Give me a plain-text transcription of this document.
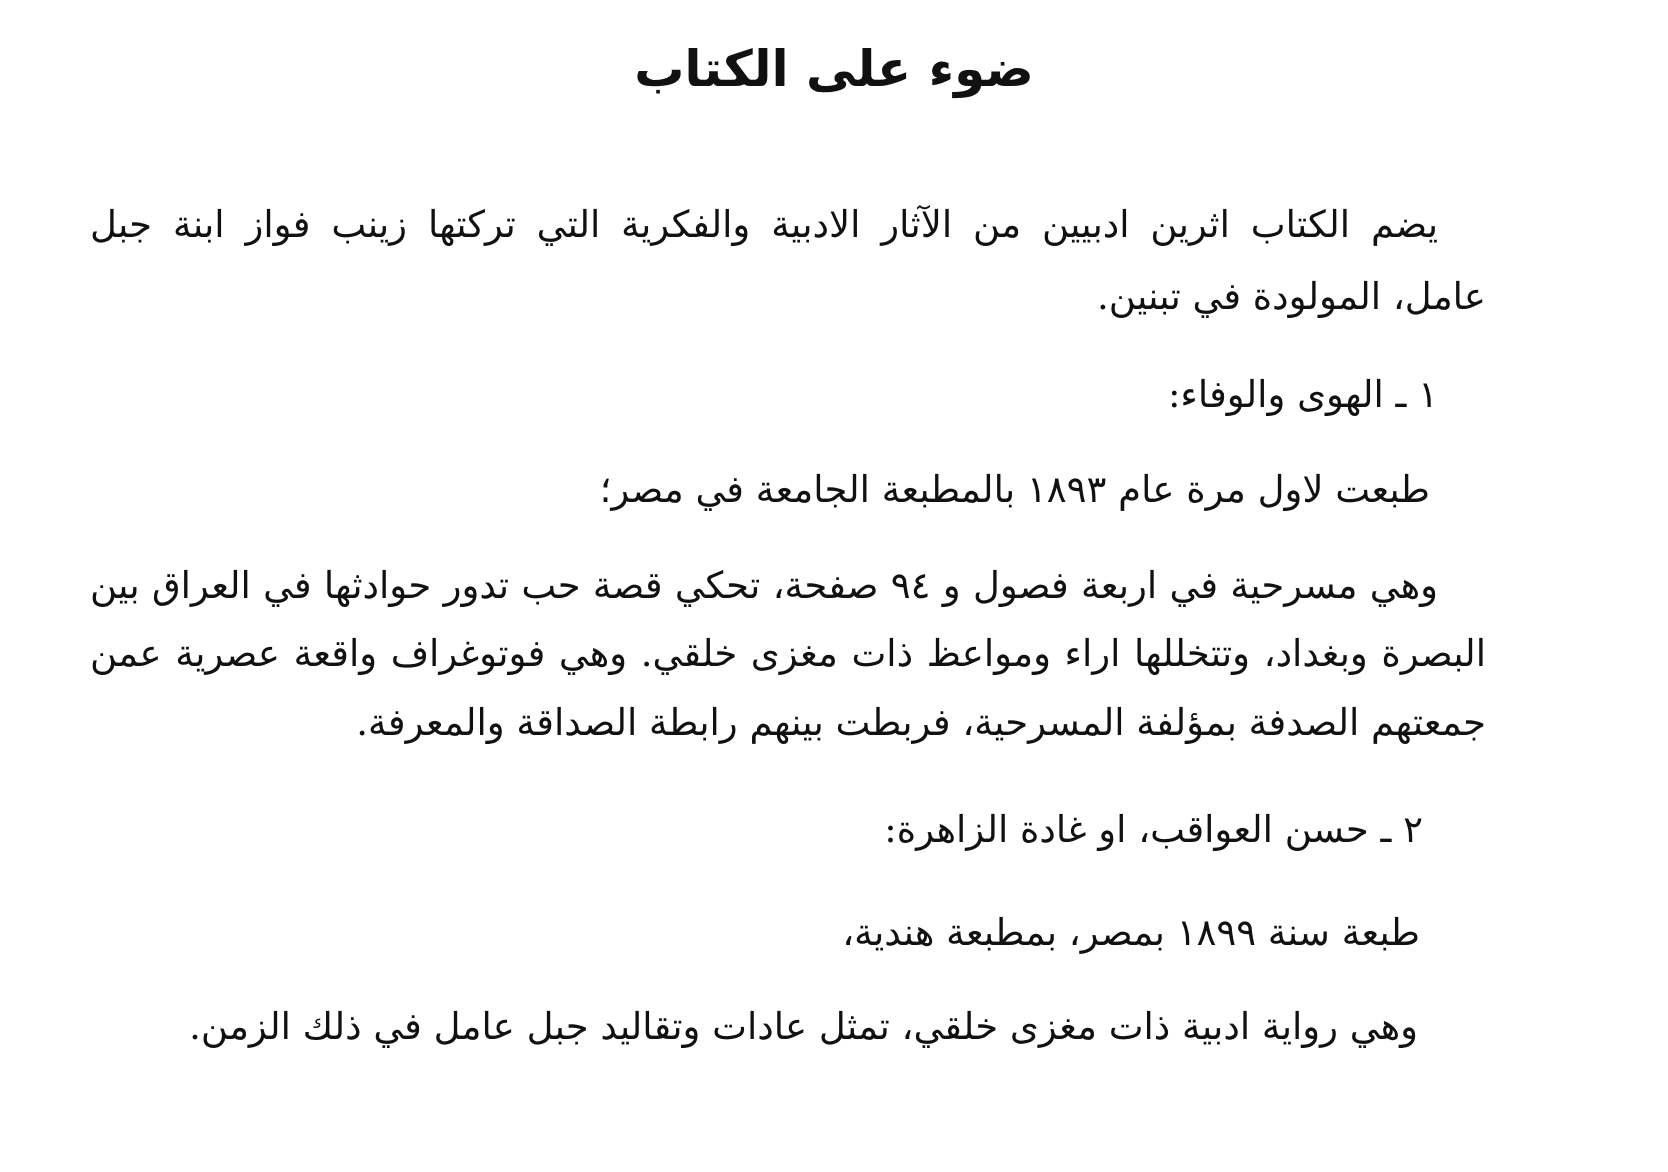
ضوء على الكتاب

يضم الكتاب اثرين ادبيين من الآثار الادبية والفكرية التي تركتها زينب فواز ابنة جبل

عامل، المولودة في تبنين.

١ ـ الهوى والوفاء:

طبعت لاول مرة عام ١٨٩٣ بالمطبعة الجامعة في مصر؛

وهي مسرحية في اربعة فصول و ٩٤ صفحة، تحكي قصة حب تدور حوادثها في العراق بين

البصرة وبغداد، وتتخللها اراء ومواعظ ذات مغزى خلقي. وهي فوتوغراف واقعة عصرية عمن

جمعتهم الصدفة بمؤلفة المسرحية، فربطت بينهم رابطة الصداقة والمعرفة.

٢ ـ حسن العواقب، او غادة الزاهرة:

طبعة سنة ١٨٩٩ بمصر، بمطبعة هندية،

وهي رواية ادبية ذات مغزى خلقي، تمثل عادات وتقاليد جبل عامل في ذلك الزمن.
